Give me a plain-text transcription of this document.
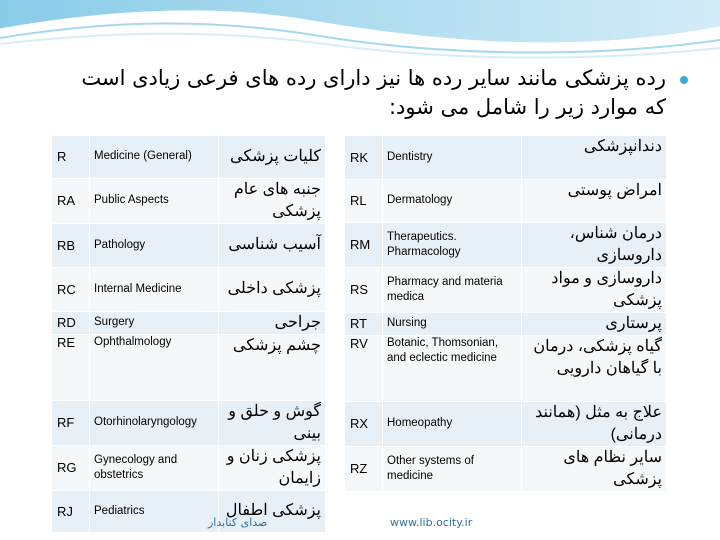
رده پزشکی مانند سایر رده ها نیز دارای رده های فرعی زیادی است که موارد زیر را شامل می شود:

R	Medicine (General)	کلیات پزشکی
RA	Public Aspects	جنبه های عام پزشکی
RB	Pathology	آسیب شناسی
RC	Internal Medicine	پزشکی داخلی
RD	Surgery	جراحی
RE	Ophthalmology	چشم پزشکی
RF	Otorhinolaryngology	گوش و حلق و بینی
RG	Gynecology and obstetrics	پزشکی زنان و زایمان
RJ	Pediatrics	پزشکی اطفال
RK	Dentistry	دندانپزشکی
RL	Dermatology	امراض پوستی
RM	Therapeutics. Pharmacology	درمان شناس، داروسازی
RS	Pharmacy and materia medica	داروسازی و مواد پزشکی
RT	Nursing	پرستاری
RV	Botanic, Thomsonian, and eclectic medicine	گیاه پزشکی، درمان با گیاهان دارویی
RX	Homeopathy	علاج به مثل (همانند درمانی)
RZ	Other systems of medicine	سایر نظام های پزشکی
صدای کتابدار	www.lib.ocity.ir
